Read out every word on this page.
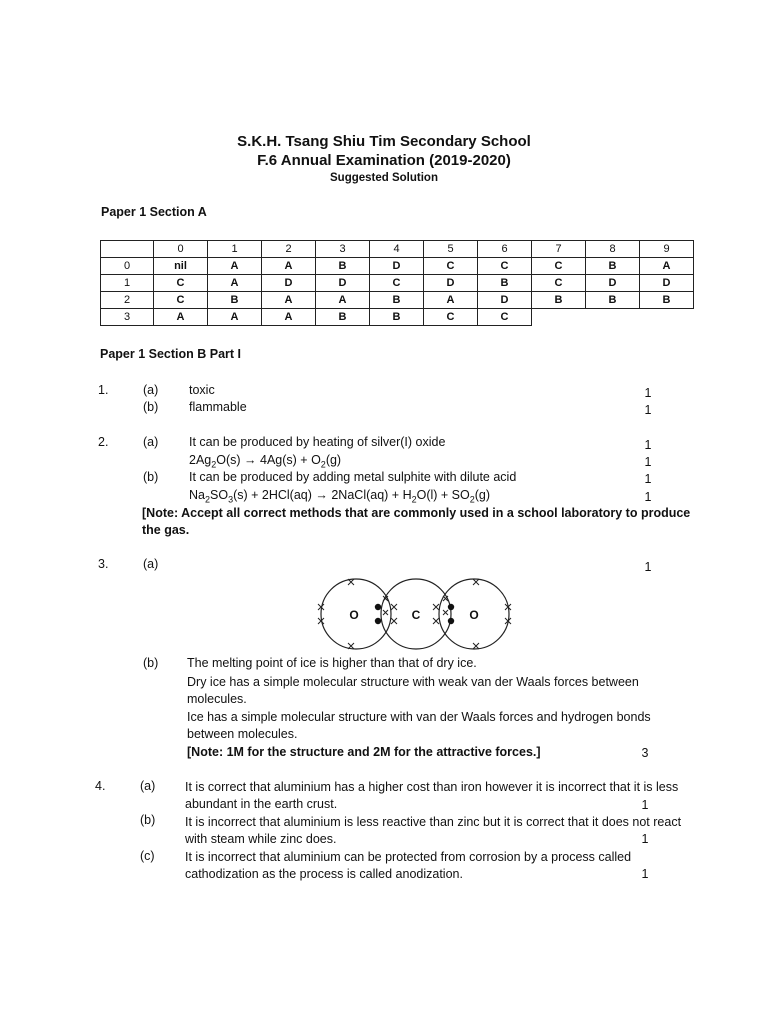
S.K.H. Tsang Shiu Tim Secondary School
F.6 Annual Examination (2019-2020)
Suggested Solution
Paper 1 Section A
	0	1	2	3	4	5	6	7	8	9
0	nil	A	A	B	D	C	C	C	B	A
1	C	A	D	D	C	D	B	C	D	D
2	C	B	A	A	B	A	D	B	B	B
3	A	A	A	B	B	C	C			
Paper 1 Section B Part I
1.	(a) toxic	1
(b) flammable	1
2.	(a) It can be produced by heating of silver(I) oxide	1
$2Ag_2O(s) \to 4Ag(s) + O_2(g)$	1
(b) It can be produced by adding metal sulphite with dilute acid	1
$Na_2SO_3(s) + 2HCl(aq)$ → 2NaCl(aq) + $H_2O(l) + SO_2(g)$	1
[Note: Accept all correct methods that are commonly used in a school laboratory to produce the gas.
3.	(a)	1
O	C	O
(b) The melting point of ice is higher than that of dry ice.
Dry ice has a simple molecular structure with weak van der Waals forces between molecules.
Ice has a simple molecular structure with van der Waals forces and hydrogen bonds between molecules.
[Note: 1M for the structure and 2M for the attractive forces.]	3
4.	(a) It is correct that aluminium has a higher cost than iron however it is incorrect that it is less abundant in the earth crust.	1
(b) It is incorrect that aluminium is less reactive than zinc but it is correct that it does not react with steam while zinc does.	1
(c) It is incorrect that aluminium can be protected from corrosion by a process called cathodization as the process is called anodization.	1
